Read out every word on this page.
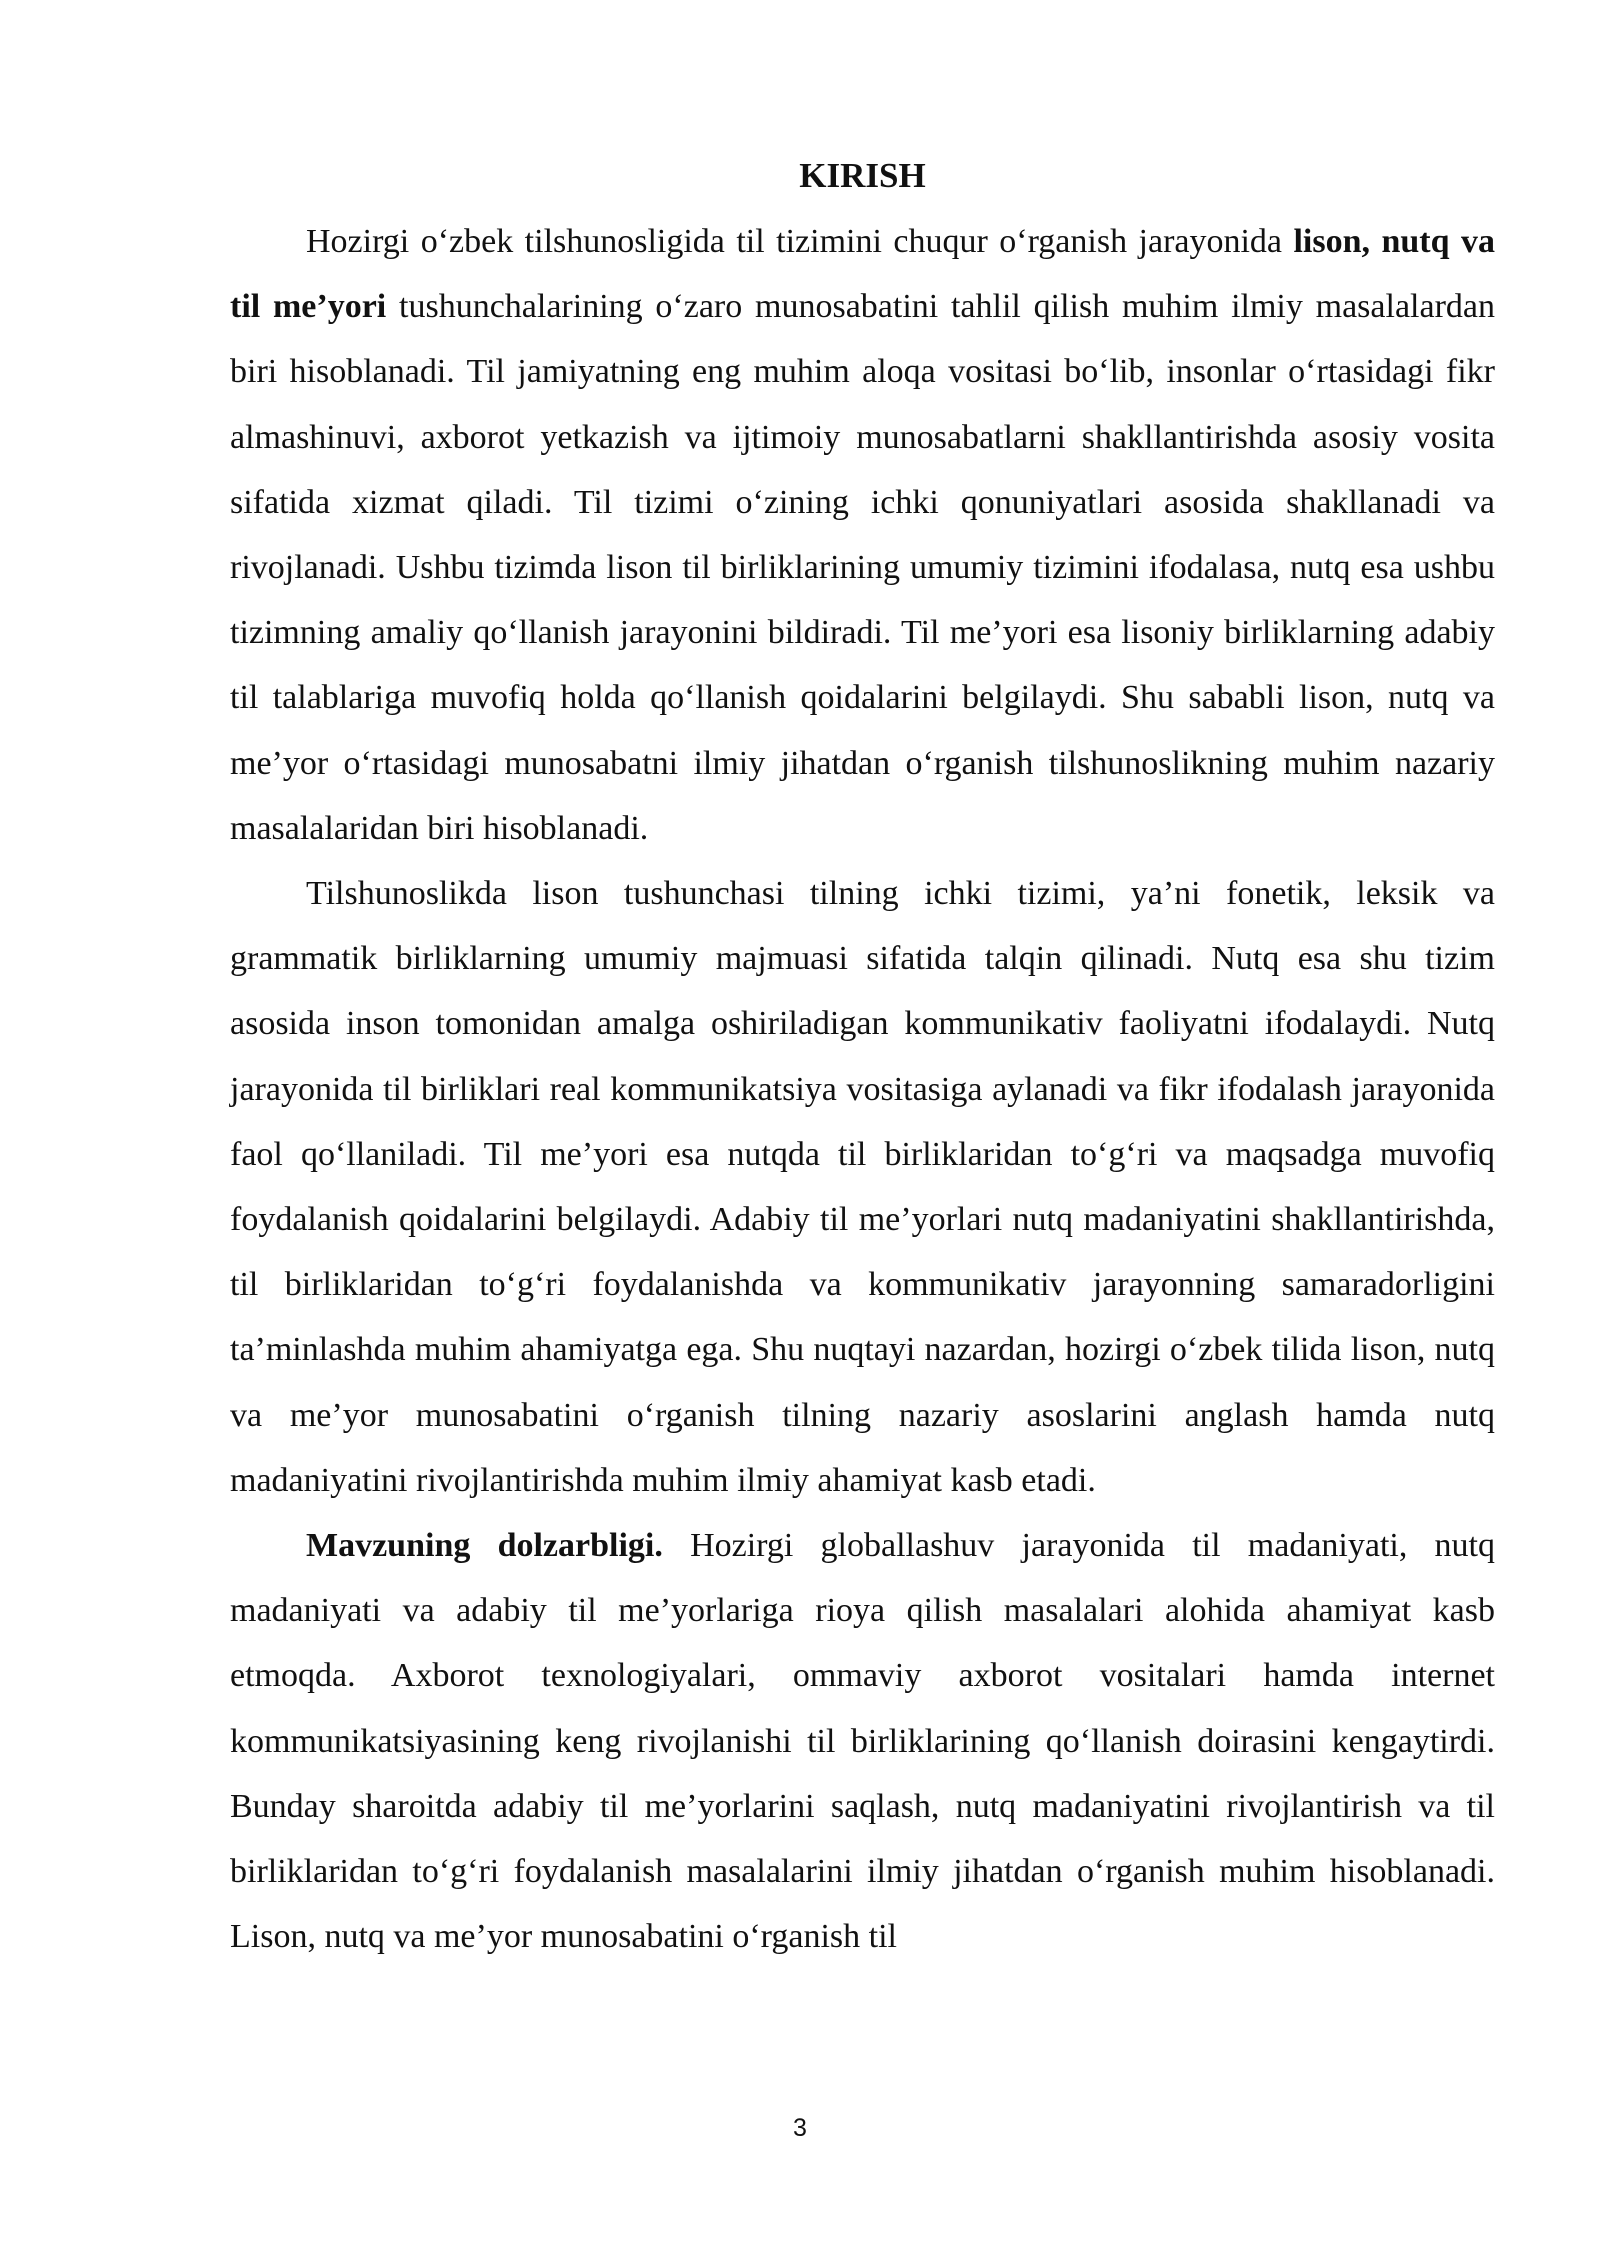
KIRISH

Hozirgi o‘zbek tilshunosligida til tizimini chuqur o‘rganish jarayonida lison, nutq va til me’yori tushunchalarining o‘zaro munosabatini tahlil qilish muhim ilmiy masalalardan biri hisoblanadi. Til jamiyatning eng muhim aloqa vositasi bo‘lib, insonlar o‘rtasidagi fikr almashinuvi, axborot yetkazish va ijtimoiy munosabatlarni shakllantirishda asosiy vosita sifatida xizmat qiladi. Til tizimi o‘zining ichki qonuniyatlari asosida shakllanadi va rivojlanadi. Ushbu tizimda lison til birliklarining umumiy tizimini ifodalasa, nutq esa ushbu tizimning amaliy qo‘llanish jarayonini bildiradi. Til me’yori esa lisoniy birliklarning adabiy til talablariga muvofiq holda qo‘llanish qoidalarini belgilaydi. Shu sababli lison, nutq va me’yor o‘rtasidagi munosabatni ilmiy jihatdan o‘rganish tilshunoslikning muhim nazariy masalalaridan biri hisoblanadi.

Tilshunoslikda lison tushunchasi tilning ichki tizimi, ya’ni fonetik, leksik va grammatik birliklarning umumiy majmuasi sifatida talqin qilinadi. Nutq esa shu tizim asosida inson tomonidan amalga oshiriladigan kommunikativ faoliyatni ifodalaydi. Nutq jarayonida til birliklari real kommunikatsiya vositasiga aylanadi va fikr ifodalash jarayonida faol qo‘llaniladi. Til me’yori esa nutqda til birliklaridan to‘g‘ri va maqsadga muvofiq foydalanish qoidalarini belgilaydi. Adabiy til me’yorlari nutq madaniyatini shakllantirishda, til birliklaridan to‘g‘ri foydalanishda va kommunikativ jarayonning samaradorligini ta’minlashda muhim ahamiyatga ega. Shu nuqtayi nazardan, hozirgi o‘zbek tilida lison, nutq va me’yor munosabatini o‘rganish tilning nazariy asoslarini anglash hamda nutq madaniyatini rivojlantirishda muhim ilmiy ahamiyat kasb etadi.

Mavzuning dolzarbligi. Hozirgi globallashuv jarayonida til madaniyati, nutq madaniyati va adabiy til me’yorlariga rioya qilish masalalari alohida ahamiyat kasb etmoqda. Axborot texnologiyalari, ommaviy axborot vositalari hamda internet kommunikatsiyasining keng rivojlanishi til birliklarining qo‘llanish doirasini kengaytirdi. Bunday sharoitda adabiy til me’yorlarini saqlash, nutq madaniyatini rivojlantirish va til birliklaridan to‘g‘ri foydalanish masalalarini ilmiy jihatdan o‘rganish muhim hisoblanadi. Lison, nutq va me’yor munosabatini o‘rganish til

3
